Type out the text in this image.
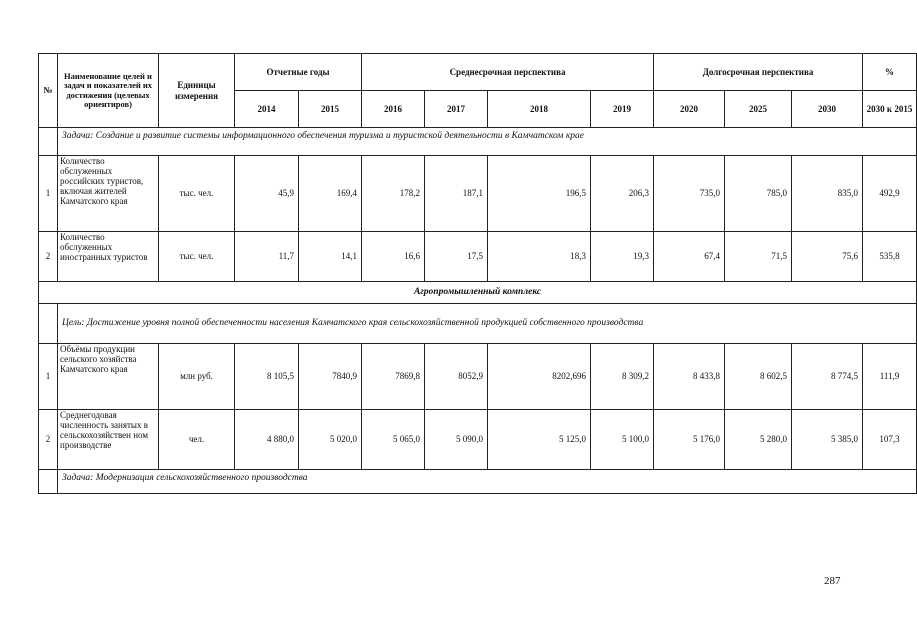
№	Наименование целей и задач и показателей их достижения (целевых ориентиров)	Единицы измерения	Отчетные годы		Среднесрочная перспектива				Долгосрочная перспектива			%
			2014	2015	2016	2017	2018	2019	2020	2025	2030	2030 к 2015
	Задача: Создание и развитие системы информационного обеспечения туризма и туристской деятельности в Камчатском крае											
1	Количество обслуженных российских туристов, включая жителей Камчатского края	тыс. чел.	45,9	169,4	178,2	187,1	196,5	206,3	735,0	785,0	835,0	492,9
2	Количество обслуженных иностранных туристов	тыс. чел.	11,7	14,1	16,6	17,5	18,3	19,3	67,4	71,5	75,6	535,8
Агропромышленный комплекс												
	Цель: Достижение уровня полной обеспеченности населения Камчатского края сельскохозяйственной продукцией собственного производства											
1	Объёмы продукции сельского хозяйства Камчатского края	млн руб.	8 105,5	7840,9	7869,8	8052,9	8202,696	8 309,2	8 433,8	8 602,5	8 774,5	111,9
2	Среднегодовая численность занятых в сельскохозяйствен ном производстве	чел.	4 880,0	5 020,0	5 065,0	5 090,0	5 125,0	5 100,0	5 176,0	5 280,0	5 385,0	107,3
	Задача: Модернизация сельскохозяйственного производства											
287
